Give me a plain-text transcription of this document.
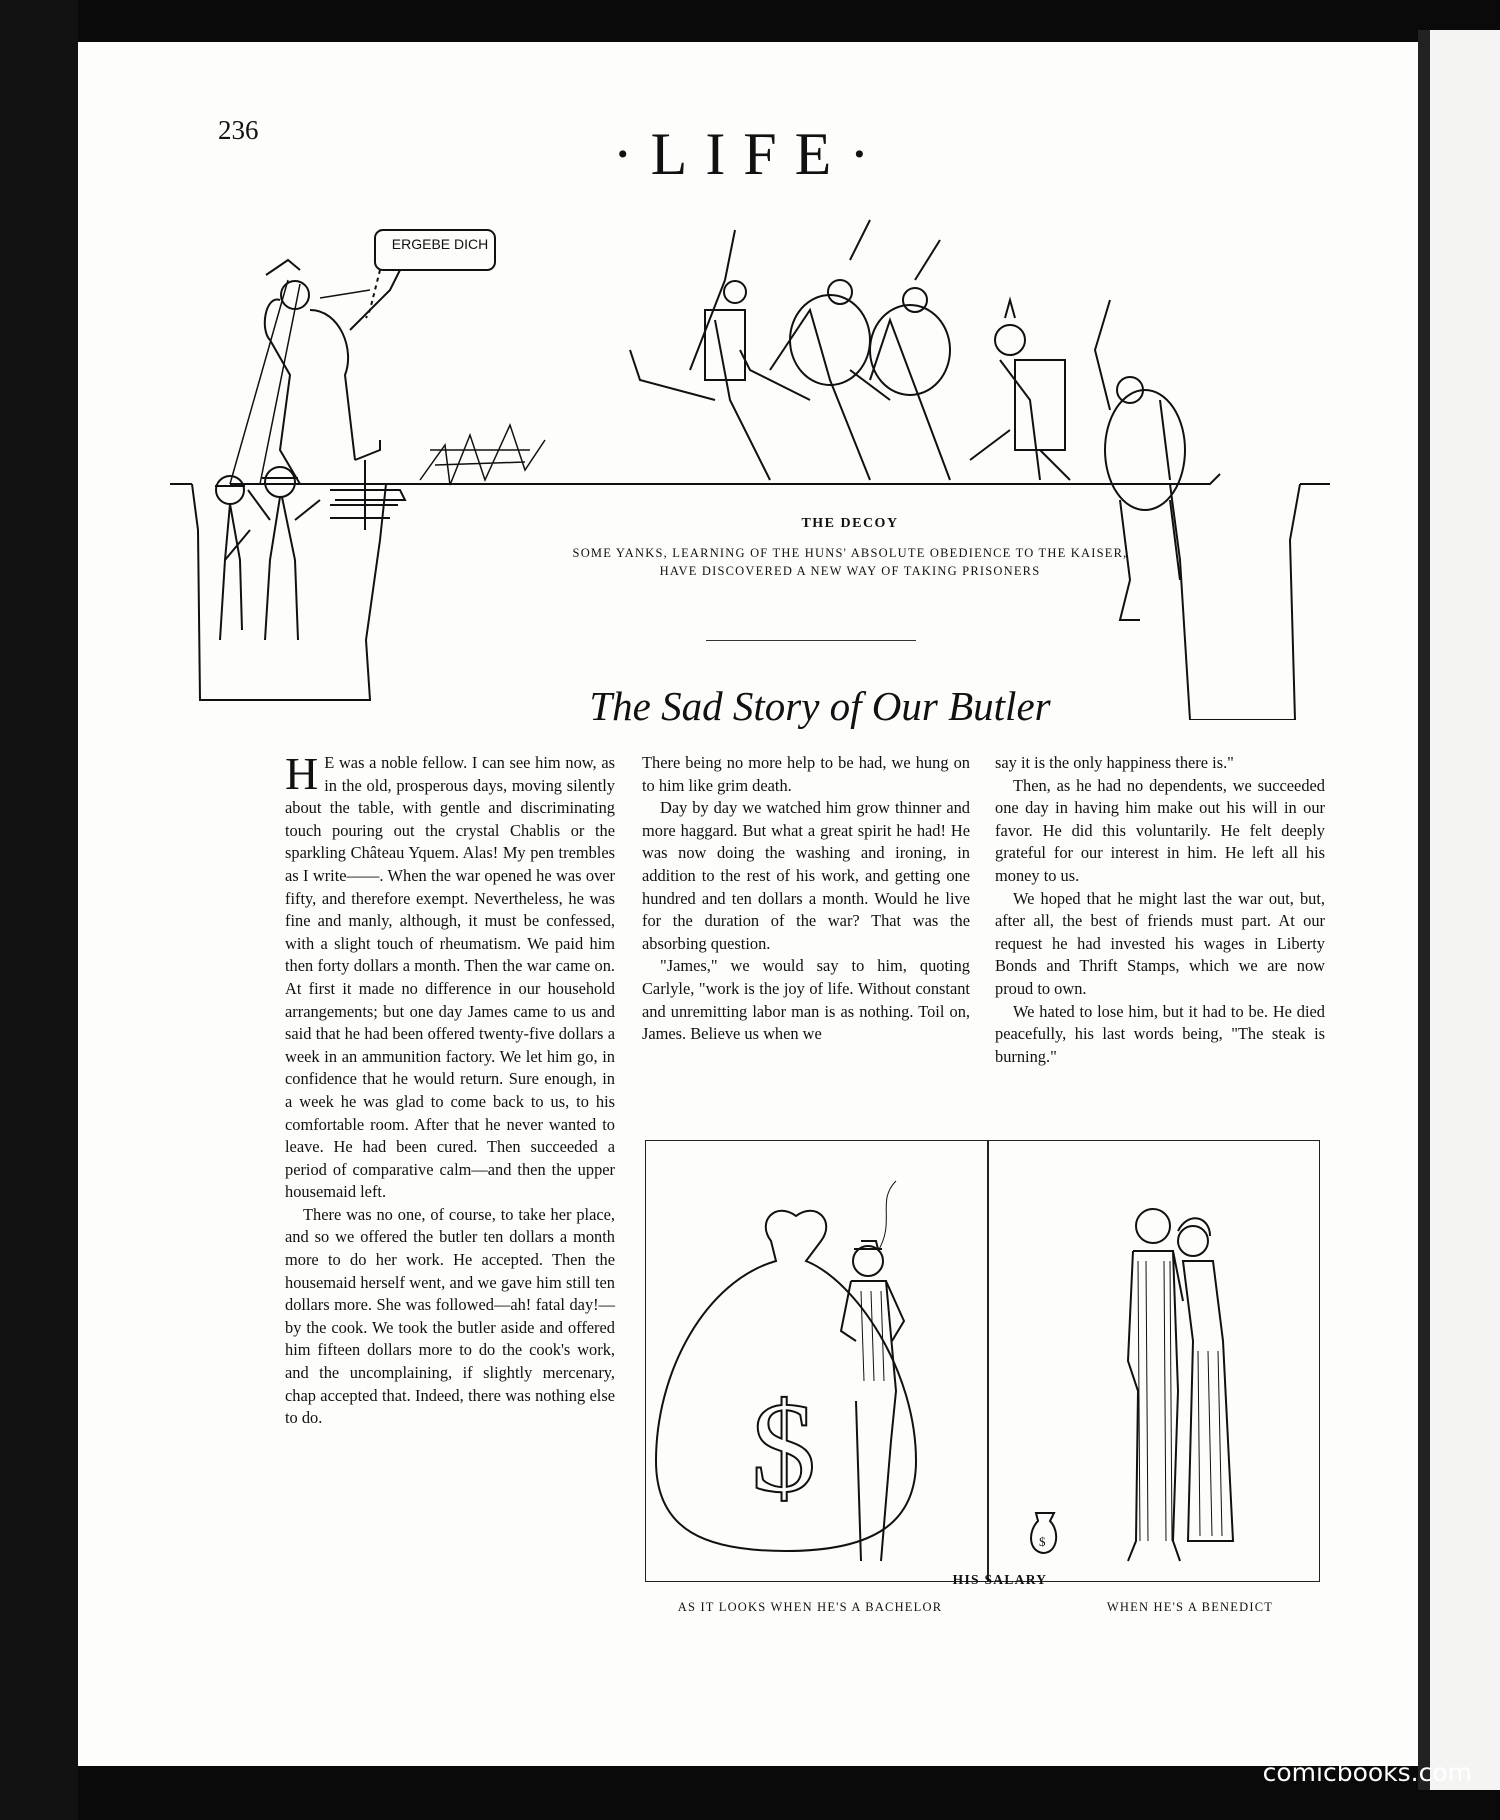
236	·LIFE·
THE DECOY
SOME YANKS, LEARNING OF THE HUNS' ABSOLUTE OBEDIENCE TO THE KAISER,
HAVE DISCOVERED A NEW WAY OF TAKING PRISONERS
ERGEBE DICH
The Sad Story of Our Butler

H E was a noble fellow. I can see him now, as in the old, prosperous days, moving silently about the table, with gentle and discriminating touch pouring out the crystal Chablis or the sparkling Château Yquem. Alas! My pen trembles as I write——. When the war opened he was over fifty, and therefore exempt. Nevertheless, he was fine and manly, although, it must be confessed, with a slight touch of rheumatism. We paid him then forty dollars a month. Then the war came on. At first it made no difference in our household arrangements; but one day James came to us and said that he had been offered twenty-five dollars a week in an ammunition factory. We let him go, in confidence that he would return. Sure enough, in a week he was glad to come back to us, to his comfortable room. After that he never wanted to leave. He had been cured. Then succeeded a period of comparative calm—and then the upper housemaid left.

There was no one, of course, to take her place, and so we offered the butler ten dollars a month more to do her work. He accepted. Then the housemaid herself went, and we gave him still ten dollars more. She was followed—ah! fatal day!—by the cook. We took the butler aside and offered him fifteen dollars more to do the cook's work, and the uncomplaining, if slightly mercenary, chap accepted that. Indeed, there was nothing else to do.

There being no more help to be had, we hung on to him like grim death.

Day by day we watched him grow thinner and more haggard. But what a great spirit he had! He was now doing the washing and ironing, in addition to the rest of his work, and getting one hundred and ten dollars a month. Would he live for the duration of the war? That was the absorbing question.

"James," we would say to him, quoting Carlyle, "work is the joy of life. Without constant and unremitting labor man is as nothing. Toil on, James. Believe us when we

say it is the only happiness there is."

Then, as he had no dependents, we succeeded one day in having him make out his will in our favor. He did this voluntarily. He felt deeply grateful for our interest in him. He left all his money to us.

We hoped that he might last the war out, but, after all, the best of friends must part. At our request he had invested his wages in Liberty Bonds and Thrift Stamps, which we are now proud to own.

We hated to lose him, but it had to be. He died peacefully, his last words being, "The steak is burning."

$
$
HIS SALARY
AS IT LOOKS WHEN HE'S A BACHELOR	WHEN HE'S A BENEDICT
comicbooks.com
